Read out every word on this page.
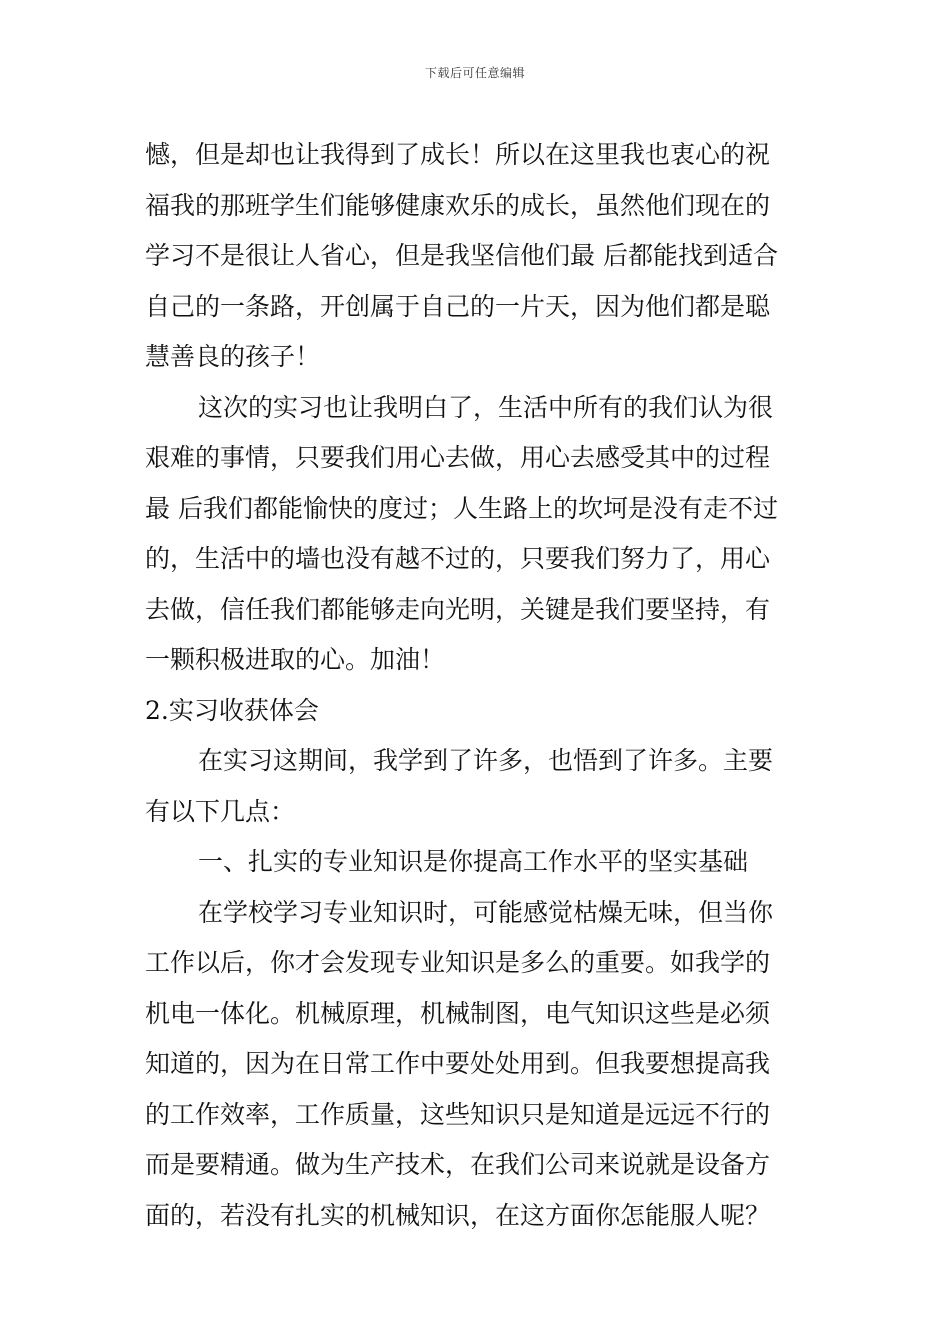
下载后可任意编辑
憾，但是却也让我得到了成长！所以在这里我也衷心的祝
福我的那班学生们能够健康欢乐的成长，虽然他们现在的
学习不是很让人省心，但是我坚信他们最 后都能找到适合
自己的一条路，开创属于自己的一片天，因为他们都是聪
慧善良的孩子！
这次的实习也让我明白了，生活中所有的我们认为很
艰难的事情，只要我们用心去做，用心去感受其中的过程
最 后我们都能愉快的度过；人生路上的坎坷是没有走不过
的，生活中的墙也没有越不过的，只要我们努力了，用心
去做，信任我们都能够走向光明，关键是我们要坚持，有
一颗积极进取的心。加油！
2.实习收获体会
在实习这期间，我学到了许多，也悟到了许多。主要
有以下几点：
一、扎实的专业知识是你提高工作水平的坚实基础
在学校学习专业知识时，可能感觉枯燥无味，但当你
工作以后，你才会发现专业知识是多么的重要。如我学的
机电一体化。机械原理，机械制图，电气知识这些是必须
知道的，因为在日常工作中要处处用到。但我要想提高我
的工作效率，工作质量，这些知识只是知道是远远不行的
而是要精通。做为生产技术，在我们公司来说就是设备方
面的，若没有扎实的机械知识，在这方面你怎能服人呢？
